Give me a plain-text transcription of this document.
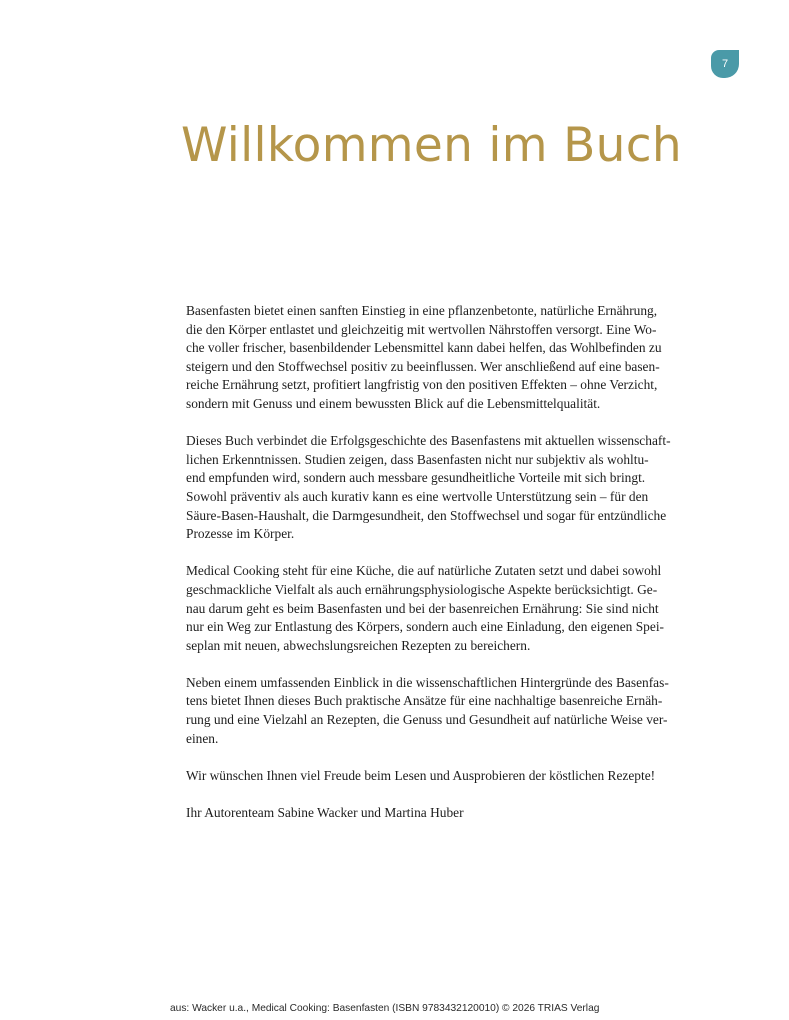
7
Willkommen im Buch

Basenfasten bietet einen sanften Einstieg in eine pflanzenbetonte, natürliche Ernährung,
die den Körper entlastet und gleichzeitig mit wertvollen Nährstoffen versorgt. Eine Wo-
che voller frischer, basenbildender Lebensmittel kann dabei helfen, das Wohlbefinden zu
steigern und den Stoffwechsel positiv zu beeinflussen. Wer anschließend auf eine basen-
reiche Ernährung setzt, profitiert langfristig von den positiven Effekten – ohne Verzicht,
sondern mit Genuss und einem bewussten Blick auf die Lebensmittelqualität.

Dieses Buch verbindet die Erfolgsgeschichte des Basenfastens mit aktuellen wissenschaft-
lichen Erkenntnissen. Studien zeigen, dass Basenfasten nicht nur subjektiv als wohltu-
end empfunden wird, sondern auch messbare gesundheitliche Vorteile mit sich bringt.
Sowohl präventiv als auch kurativ kann es eine wertvolle Unterstützung sein – für den
Säure-Basen-Haushalt, die Darmgesundheit, den Stoffwechsel und sogar für entzündliche
Prozesse im Körper.

Medical Cooking steht für eine Küche, die auf natürliche Zutaten setzt und dabei sowohl
geschmackliche Vielfalt als auch ernährungsphysiologische Aspekte berücksichtigt. Ge-
nau darum geht es beim Basenfasten und bei der basenreichen Ernährung: Sie sind nicht
nur ein Weg zur Entlastung des Körpers, sondern auch eine Einladung, den eigenen Spei-
seplan mit neuen, abwechslungsreichen Rezepten zu bereichern.

Neben einem umfassenden Einblick in die wissenschaftlichen Hintergründe des Basenfas-
tens bietet Ihnen dieses Buch praktische Ansätze für eine nachhaltige basenreiche Ernäh-
rung und eine Vielzahl an Rezepten, die Genuss und Gesundheit auf natürliche Weise ver-
einen.

Wir wünschen Ihnen viel Freude beim Lesen und Ausprobieren der köstlichen Rezepte!

Ihr Autorenteam Sabine Wacker und Martina Huber

aus: Wacker u.a., Medical Cooking: Basenfasten (ISBN 9783432120010) © 2026 TRIAS Verlag
